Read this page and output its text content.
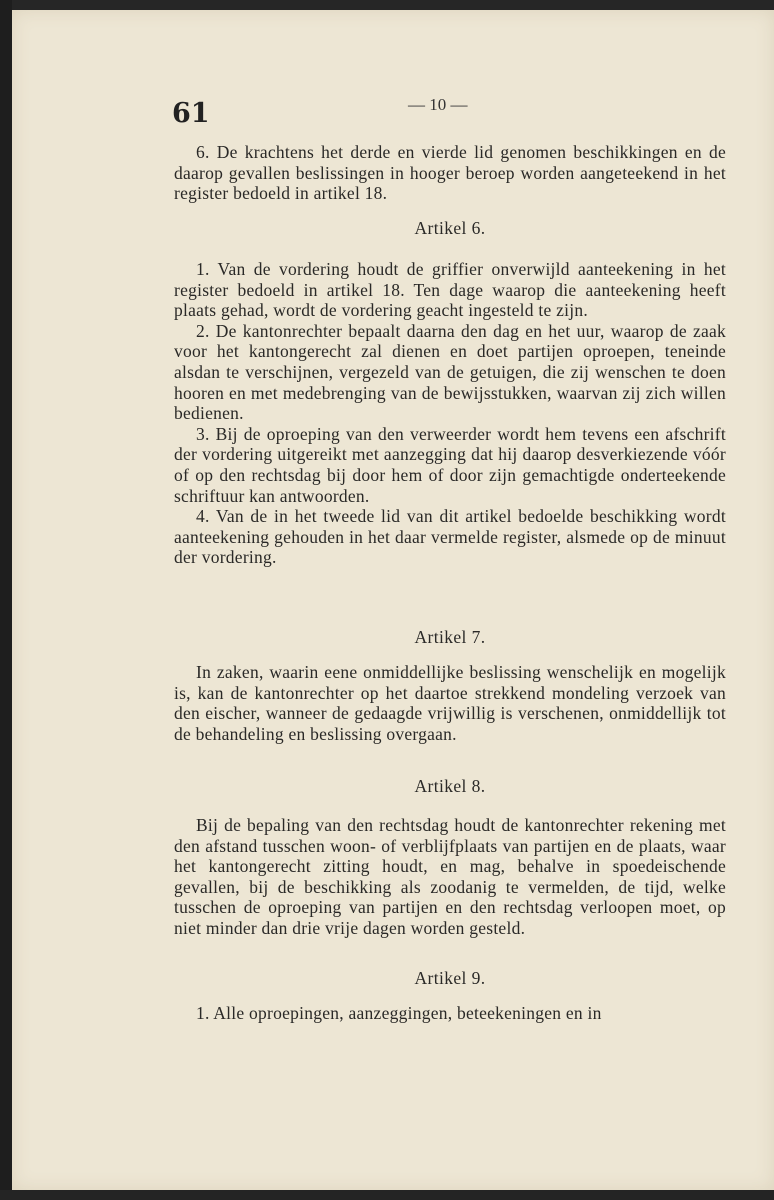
61	— 10 —

6. De krachtens het derde en vierde lid genomen beschikkingen en de daarop gevallen beslissingen in hooger beroep worden aangeteekend in het register bedoeld in artikel 18.

Artikel 6.

1. Van de vordering houdt de griffier onverwijld aanteekening in het register bedoeld in artikel 18. Ten dage waarop die aanteekening heeft plaats gehad, wordt de vordering geacht ingesteld te zijn.

2. De kantonrechter bepaalt daarna den dag en het uur, waarop de zaak voor het kantongerecht zal dienen en doet partijen oproepen, teneinde alsdan te verschijnen, vergezeld van de getuigen, die zij wenschen te doen hooren en met medebrenging van de bewijsstukken, waarvan zij zich willen bedienen.

3. Bij de oproeping van den verweerder wordt hem tevens een afschrift der vordering uitgereikt met aanzegging dat hij daarop desverkiezende vóór of op den rechtsdag bij door hem of door zijn gemachtigde onderteekende schriftuur kan antwoorden.

4. Van de in het tweede lid van dit artikel bedoelde beschikking wordt aanteekening gehouden in het daar vermelde register, alsmede op de minuut der vordering.

Artikel 7.

In zaken, waarin eene onmiddellijke beslissing wenschelijk en mogelijk is, kan de kantonrechter op het daartoe strekkend mondeling verzoek van den eischer, wanneer de gedaagde vrijwillig is verschenen, onmiddellijk tot de behandeling en beslissing overgaan.

Artikel 8.

Bij de bepaling van den rechtsdag houdt de kantonrechter rekening met den afstand tusschen woon- of verblijfplaats van partijen en de plaats, waar het kantongerecht zitting houdt, en mag, behalve in spoedeischende gevallen, bij de beschikking als zoodanig te vermelden, de tijd, welke tusschen de oproeping van partijen en den rechtsdag verloopen moet, op niet minder dan drie vrije dagen worden gesteld.

Artikel 9.

1. Alle oproepingen, aanzeggingen, beteekeningen en in
